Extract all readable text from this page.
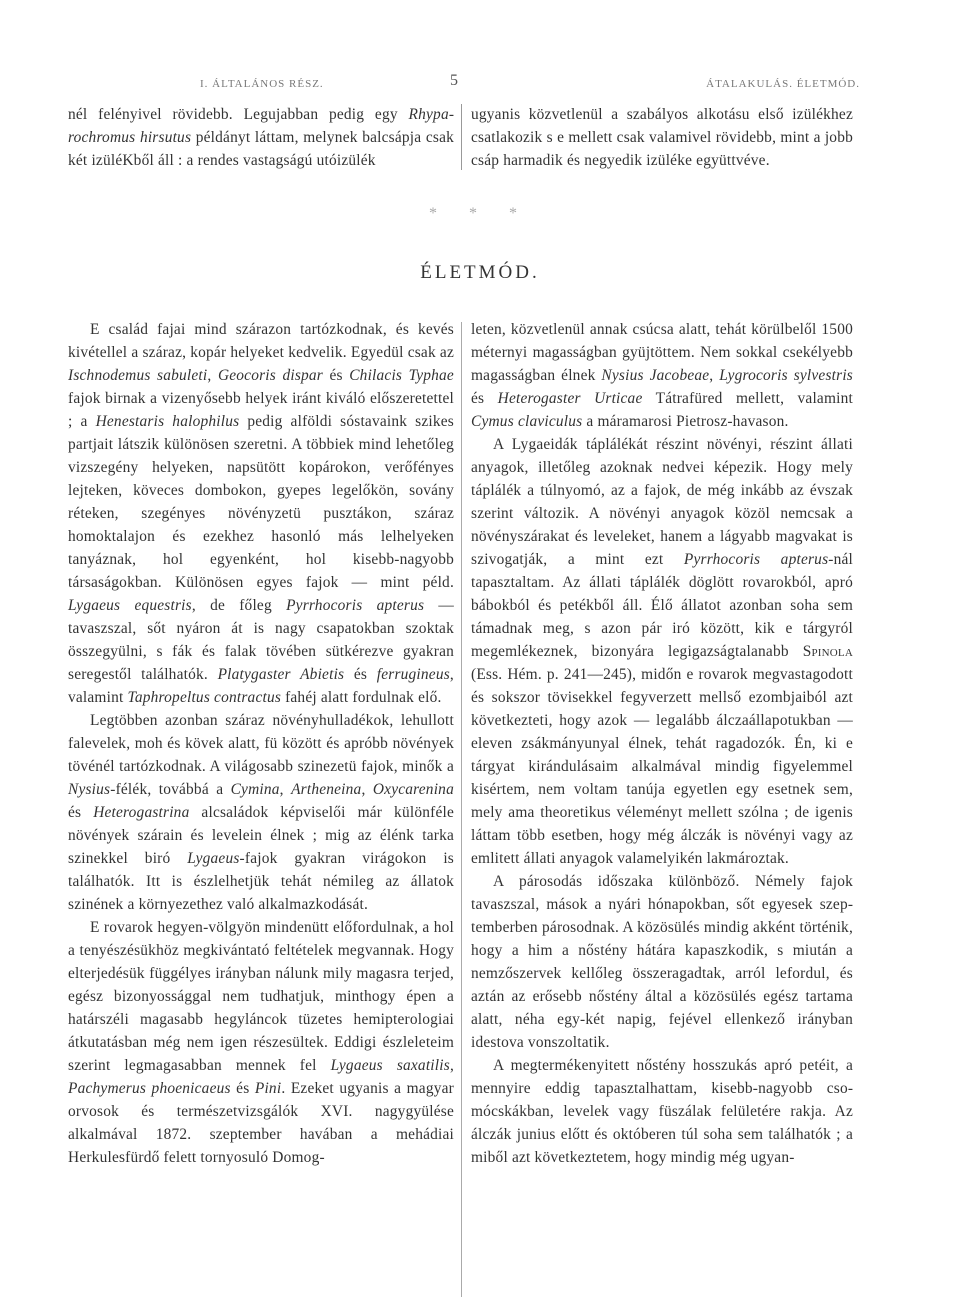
I. ÁLTALÁNOS RÉSZ.	5	ÁTALAKULÁS. ÉLETMÓD.

nél felényivel rövidebb. Legujabban pedig egy Rhyparochromus hirsutus példányt láttam, melynek balcsápja csak két izüléKből áll : a rendes vastagságú utóizülék

ugyanis közvetlenül a szabályos alkotásu első izülékhez csatlakozik s e mellett csak valamivel rövidebb, mint a jobb csáp harmadik és negyedik izüléke együttvéve.

* * *
ÉLETMÓD.

E család fajai mind szárazon tartózkodnak, és kevés kivétellel a száraz, kopár helyeket kedvelik. Egyedül csak az Ischnodemus sabuleti, Geocoris dispar és Chilacis Typhae fajok birnak a vizenyősebb helyek iránt kiváló előszeretettel ; a Henestaris halophilus pedig alföldi sóstavaink szikes partjait látszik különösen szeretni. A többiek mind lehetőleg vizszegény helyeken, napsütött kopárokon, verőfényes lejteken, köveces dombokon, gyepes legelőkön, sovány réteken, szegényes növényzetü pusztákon, száraz homoktalajon és ezekhez hasonló más lelhelyeken tanyáznak, hol egyenként, hol kisebb-nagyobb társaságokban. Különösen egyes fajok — mint péld. Lygaeus equestris, de főleg Pyrrhocoris apterus — tavaszszal, sőt nyáron át is nagy csapatokban szoktak összegyülni, s fák és falak tövében sütkérezve gyakran seregestől találhatók. Platygaster Abietis és ferrugineus, valamint Taphropeltus contractus fahéj alatt fordulnak elő.

Legtöbben azonban száraz növényhulladékok, lehullott falevelek, moh és kövek alatt, fü között és apróbb növények tövénél tartózkodnak. A világosabb szinezetü fajok, minők a Nysius-félék, továbbá a Cymina, Artheneina, Oxycarenina és Heterogastrina alcsaládok képviselői már különféle növények szárain és levelein élnek ; mig az élénk tarka szinekkel biró Lygaeus-fajok gyakran virágokon is találhatók. Itt is észlelhetjük tehát némileg az állatok szinének a környezethez való alkalmazkodását.

E rovarok hegyen-völgyön mindenütt előfordulnak, a hol a tenyészésükhöz megkivántató feltételek megvannak. Hogy elterjedésük függélyes irányban nálunk mily magasra terjed, egész bizonyossággal nem tudhatjuk, minthogy épen a határszéli magasabb hegyláncok tüzetes hemipterologiai átkutatásban még nem igen részesültek. Eddigi észleleteim szerint legmagasabban mennek fel Lygaeus saxatilis, Pachymerus phoenicaeus és Pini. Ezeket ugyanis a magyar orvosok és természetvizsgálók XVI. nagygyülése alkalmával 1872. szeptember havában a mehádiai Herkulesfürdő felett tornyosuló Domog-

leten, közvetlenül annak csúcsa alatt, tehát körülbelől 1500 méternyi magasságban gyüjtöttem. Nem sokkal csekélyebb magasságban élnek Nysius Jacobeae, Lygrocoris sylvestris és Heterogaster Urticae Tátrafüred mellett, valamint Cymus claviculus a máramarosi Pietrosz-havason.

A Lygaeidák táplálékát részint növényi, részint állati anyagok, illetőleg azoknak nedvei képezik. Hogy mely táplálék a túlnyomó, az a fajok, de még inkább az évszak szerint változik. A növényi anyagok közöl nemcsak a növényszárakat és leveleket, hanem a lágyabb magvakat is szivogatják, a mint ezt Pyrrhocoris apterus-nál tapasztaltam. Az állati táplálék döglött rovarokból, apró bábokból és petékből áll. Élő állatot azonban soha sem támadnak meg, s azon pár iró között, kik e tárgyról megemlékeznek, bizonyára legigazságtalanabb Spinola (Ess. Hém. p. 241—245), midőn e rovarok megvastagodott és sokszor tövisekkel fegyverzett mellső ezombjaiból azt következteti, hogy azok — legalább álczaállapotukban — eleven zsákmányunyal élnek, tehát ragadozók. Én, ki e tárgyat kirándulásaim alkalmával mindig figyelemmel kisértem, nem voltam tanúja egyetlen egy esetnek sem, mely ama theoretikus véleményt mellett szólna ; de igenis láttam több esetben, hogy még álczák is növényi vagy az emlitett állati anyagok valamelyikén lakmároztak.

A párosodás időszaka különböző. Némely fajok tavaszszal, mások a nyári hónapokban, sőt egyesek szeptemberben párosodnak. A közösülés mindig akként történik, hogy a him a nőstény hátára kapaszkodik, s miután a nemzőszervek kellőleg összeragadtak, arról lefordul, és aztán az erősebb nőstény által a közösülés egész tartama alatt, néha egy-két napig, fejével ellenkező irányban idestova vonszoltatik.

A megtermékenyitett nőstény hosszukás apró petéit, a mennyire eddig tapasztalhattam, kisebb-nagyobb csomócskákban, levelek vagy füszálak felületére rakja. Az álczák junius előtt és októberen túl soha sem találhatók ; a miből azt következtetem, hogy mindig még ugyan-
